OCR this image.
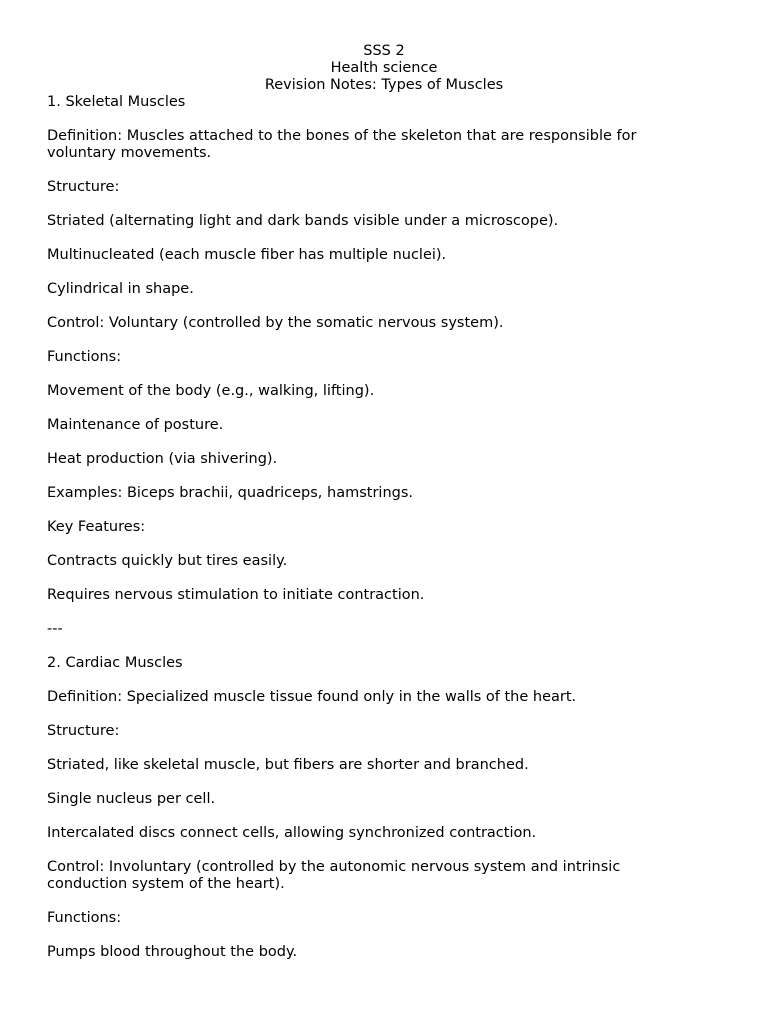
SSS 2
Health science
Revision Notes: Types of Muscles
1. Skeletal Muscles
Definition: Muscles attached to the bones of the skeleton that are responsible for
voluntary movements.
Structure:
Striated (alternating light and dark bands visible under a microscope).
Multinucleated (each muscle fiber has multiple nuclei).
Cylindrical in shape.
Control: Voluntary (controlled by the somatic nervous system).
Functions:
Movement of the body (e.g., walking, lifting).
Maintenance of posture.
Heat production (via shivering).
Examples: Biceps brachii, quadriceps, hamstrings.
Key Features:
Contracts quickly but tires easily.
Requires nervous stimulation to initiate contraction.
---
2. Cardiac Muscles
Definition: Specialized muscle tissue found only in the walls of the heart.
Structure:
Striated, like skeletal muscle, but fibers are shorter and branched.
Single nucleus per cell.
Intercalated discs connect cells, allowing synchronized contraction.
Control: Involuntary (controlled by the autonomic nervous system and intrinsic
conduction system of the heart).
Functions:
Pumps blood throughout the body.
